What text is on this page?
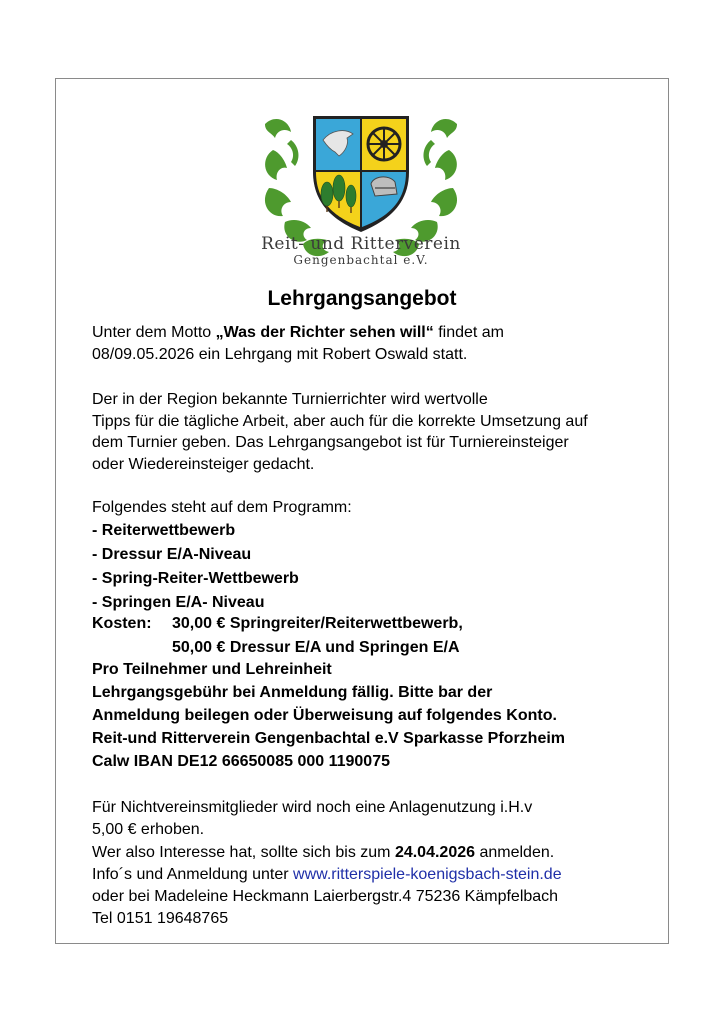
Reit- und Ritterverein
Gengenbachtal e.V.
Lehrgangsangebot
Unter dem Motto „Was der Richter sehen will“ findet am
08/09.05.2026 ein Lehrgang mit Robert Oswald statt.
Der in der Region bekannte Turnierrichter wird wertvolle
Tipps für die tägliche Arbeit, aber auch für die korrekte Umsetzung auf
dem Turnier geben. Das Lehrgangsangebot ist für Turniereinsteiger
oder Wiedereinsteiger gedacht.
Folgendes steht auf dem Programm:
- Reiterwettbewerb
- Dressur E/A-Niveau
- Spring-Reiter-Wettbewerb
- Springen E/A- Niveau
Kosten: 30,00 € Springreiter/Reiterwettbewerb,
50,00 € Dressur E/A und Springen E/A
Pro Teilnehmer und Lehreinheit
Lehrgangsgebühr bei Anmeldung fällig. Bitte bar der
Anmeldung beilegen oder Überweisung auf folgendes Konto.
Reit-und Ritterverein Gengenbachtal e.V Sparkasse Pforzheim
Calw IBAN DE12 66650085 000 1190075
Für Nichtvereinsmitglieder wird noch eine Anlagenutzung i.H.v
5,00 € erhoben.
Wer also Interesse hat, sollte sich bis zum 24.04.2026 anmelden.
Info´s und Anmeldung unter www.ritterspiele-koenigsbach-stein.de
oder bei Madeleine Heckmann Laierbergstr.4 75236 Kämpfelbach
Tel 0151 19648765
